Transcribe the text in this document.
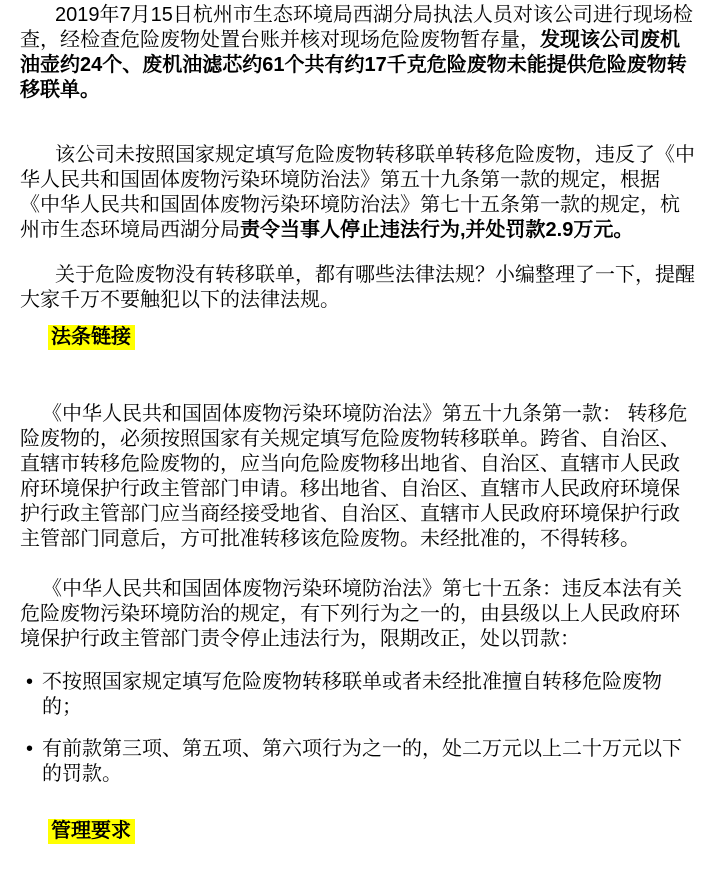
2019年7月15日杭州市生态环境局西湖分局执法人员对该公司进行现场检查，经检查危险废物处置台账并核对现场危险废物暂存量，发现该公司废机油壶约24个、废机油滤芯约61个共有约17千克危险废物未能提供危险废物转移联单。

该公司未按照国家规定填写危险废物转移联单转移危险废物，违反了《中华人民共和国固体废物污染环境防治法》第五十九条第一款的规定，根据《中华人民共和国固体废物污染环境防治法》第七十五条第一款的规定，杭州市生态环境局西湖分局责令当事人停止违法行为,并处罚款2.9万元。

关于危险废物没有转移联单，都有哪些法律法规？小编整理了一下，提醒大家千万不要触犯以下的法律法规。

法条链接

《中华人民共和国固体废物污染环境防治法》第五十九条第一款： 转移危险废物的，必须按照国家有关规定填写危险废物转移联单。跨省、自治区、直辖市转移危险废物的，应当向危险废物移出地省、自治区、直辖市人民政府环境保护行政主管部门申请。移出地省、自治区、直辖市人民政府环境保护行政主管部门应当商经接受地省、自治区、直辖市人民政府环境保护行政主管部门同意后，方可批准转移该危险废物。未经批准的，不得转移。

《中华人民共和国固体废物污染环境防治法》第七十五条：违反本法有关危险废物污染环境防治的规定，有下列行为之一的，由县级以上人民政府环境保护行政主管部门责令停止违法行为，限期改正，处以罚款：

• 不按照国家规定填写危险废物转移联单或者未经批准擅自转移危险废物的；
• 有前款第三项、第五项、第六项行为之一的，处二万元以上二十万元以下的罚款。

管理要求
